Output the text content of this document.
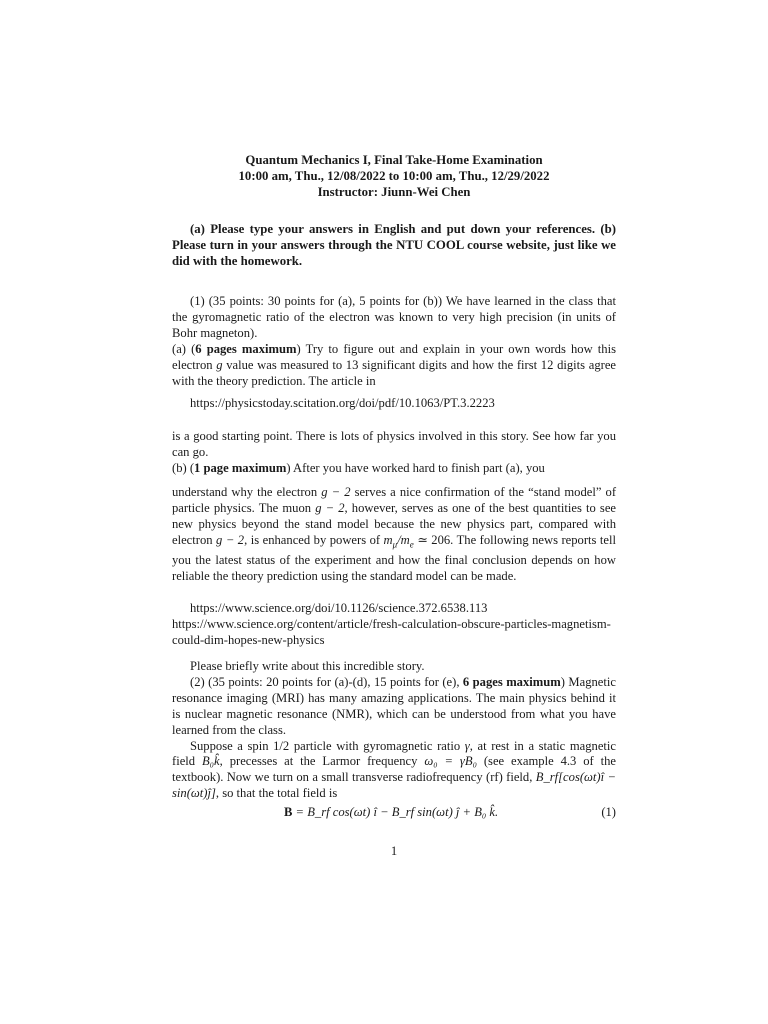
Quantum Mechanics I, Final Take-Home Examination
10:00 am, Thu., 12/08/2022 to 10:00 am, Thu., 12/29/2022
Instructor: Jiunn-Wei Chen

(a) Please type your answers in English and put down your references. (b) Please turn in your answers through the NTU COOL course website, just like we did with the homework.

(1) (35 points: 30 points for (a), 5 points for (b)) We have learned in the class that the gyromagnetic ratio of the electron was known to very high precision (in units of Bohr magneton).

(a) (6 pages maximum) Try to figure out and explain in your own words how this electron g value was measured to 13 significant digits and how the first 12 digits agree with the theory prediction. The article in

https://physicstoday.scitation.org/doi/pdf/10.1063/PT.3.2223

is a good starting point. There is lots of physics involved in this story. See how far you can go.

(b) (1 page maximum) After you have worked hard to finish part (a), you

understand why the electron g − 2 serves a nice confirmation of the “stand model” of particle physics. The muon g − 2, however, serves as one of the best quantities to see new physics beyond the stand model because the new physics part, compared with electron g − 2, is enhanced by powers of $m_\mu/m_e$ ≃ 206. The following news reports tell you the latest status of the experiment and how the final conclusion depends on how reliable the theory prediction using the standard model can be made.

https://www.science.org/doi/10.1126/science.372.6538.113
https://www.science.org/content/article/fresh-calculation-obscure-particles-magnetism-
could-dim-hopes-new-physics

Please briefly write about this incredible story.

(2) (35 points: 20 points for (a)-(d), 15 points for (e), 6 pages maximum) Magnetic resonance imaging (MRI) has many amazing applications. The main physics behind it is nuclear magnetic resonance (NMR), which can be understood from what you have learned from the class.

Suppose a spin 1/2 particle with gyromagnetic ratio γ, at rest in a static magnetic field B₀k̂, precesses at the Larmor frequency ω₀ = γB₀ (see example 4.3 of the textbook). Now we turn on a small transverse radiofrequency (rf) field, B_rf[cos(ωt)î − sin(ωt)ĵ], so that the total field is

B = B_rf cos(ωt) î − B_rf sin(ωt) ĵ + B₀ k̂.	(1)
1
